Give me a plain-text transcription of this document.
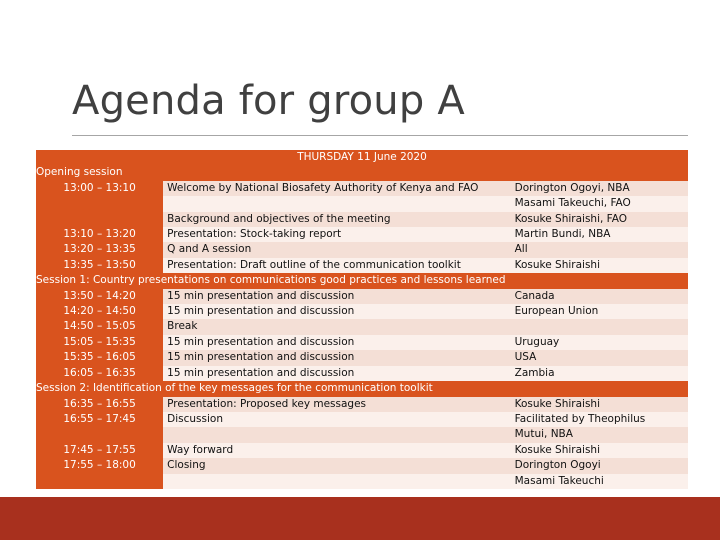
Agenda for group A
THURSDAY 11 June 2020		
Opening session		
13:00 – 13:10	Welcome by National Biosafety Authority of Kenya and FAO	Dorington Ogoyi, NBA
		Masami Takeuchi, FAO
	Background and objectives of the meeting	Kosuke Shiraishi, FAO
13:10 – 13:20	Presentation: Stock-taking report	Martin Bundi, NBA
13:20 – 13:35	Q and A session	All
13:35 – 13:50	Presentation: Draft outline of the communication toolkit	Kosuke Shiraishi
Session 1: Country presentations on communications good practices and lessons learned		
13:50 – 14:20	15 min presentation and discussion	Canada
14:20 – 14:50	15 min presentation and discussion	European Union
14:50 – 15:05	Break	
15:05 – 15:35	15 min presentation and discussion	Uruguay
15:35 – 16:05	15 min presentation and discussion	USA
16:05 – 16:35	15 min presentation and discussion	Zambia
Session 2: Identification of the key messages for the communication toolkit		
16:35 – 16:55	Presentation: Proposed key messages	Kosuke Shiraishi
16:55 – 17:45	Discussion	Facilitated by Theophilus
		Mutui, NBA
17:45 – 17:55	Way forward	Kosuke Shiraishi
17:55 – 18:00	Closing	Dorington Ogoyi
		Masami Takeuchi
